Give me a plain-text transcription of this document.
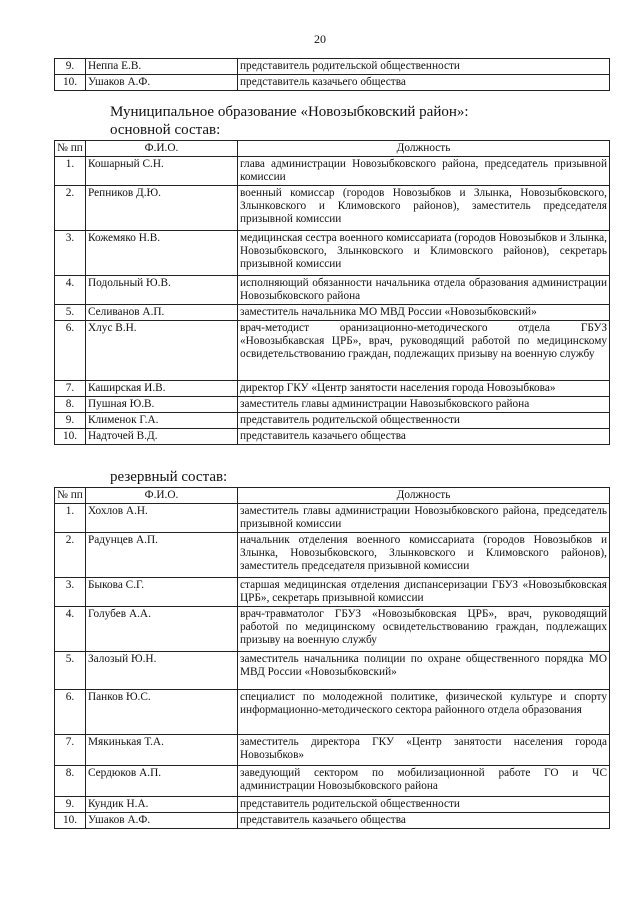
20
9.	Неппа Е.В.	представитель родительской общественности
10.	Ушаков А.Ф.	представитель казачьего общества
Муниципальное образование «Новозыбковский район»:
основной состав:
№ пп	Ф.И.О.	Должность
1.	Кошарный С.Н.	глава администрации Новозыбковского района, председатель призывной комиссии
2.	Репников Д.Ю.	военный комиссар (городов Новозыбков и Злынка, Новозыбковского, Злынковского и Климовского районов), заместитель председателя призывной комиссии
3.	Кожемяко Н.В.	медицинская сестра военного комиссариата (городов Новозыбков и Злынка, Новозыбковского, Злынковского и Климовского районов), секретарь призывной комиссии
4.	Подольный Ю.В.	исполняющий обязанности начальника отдела образования администрации Новозыбковского района
5.	Селиванов А.П.	заместитель начальника МО МВД России «Новозыбковский»
6.	Хлус В.Н.	врач-методист оранизационно-методического отдела ГБУЗ «Новозыбкавская ЦРБ», врач, руководящий работой по медицинскому освидетельствованию граждан, подлежащих призыву на военную службу
7.	Каширская И.В.	директор ГКУ «Центр занятости населения города Новозыбкова»
8.	Пушная Ю.В.	заместитель главы администрации Навозыбковского района
9.	Клименок Г.А.	представитель родительской общественности
10.	Надточей В.Д.	представитель казачьего общества
резервный состав:
№ пп	Ф.И.О.	Должность
1.	Хохлов А.Н.	заместитель главы администрации Новозыбковского района, председатель призывной комиссии
2.	Радунцев А.П.	начальник отделения военного комиссариата (городов Новозыбков и Злынка, Новозыбковского, Злынковского и Климовского районов), заместитель председателя призывной комиссии
3.	Быкова С.Г.	старшая медицинская отделения диспансеризации ГБУЗ «Новозыбковская ЦРБ», секретарь призывной комиссии
4.	Голубев А.А.	врач-травматолог ГБУЗ «Новозыбковская ЦРБ», врач, руководящий работой по медицинскому освидетельствованию граждан, подлежащих призыву на военную службу
5.	Залозый Ю.Н.	заместитель начальника полиции по охране общественного порядка МО МВД России «Новозыбковский»
6.	Панков Ю.С.	специалист по молодежной политике, физической культуре и спорту информационно-методического сектора районного отдела образования
7.	Мякинькая Т.А.	заместитель директора ГКУ «Центр занятости населения города Новозыбков»
8.	Сердюков А.П.	заведующий сектором по мобилизационной работе ГО и ЧС администрации Новозыбковского района
9.	Кундик Н.А.	представитель родительской общественности
10.	Ушаков А.Ф.	представитель казачьего общества
